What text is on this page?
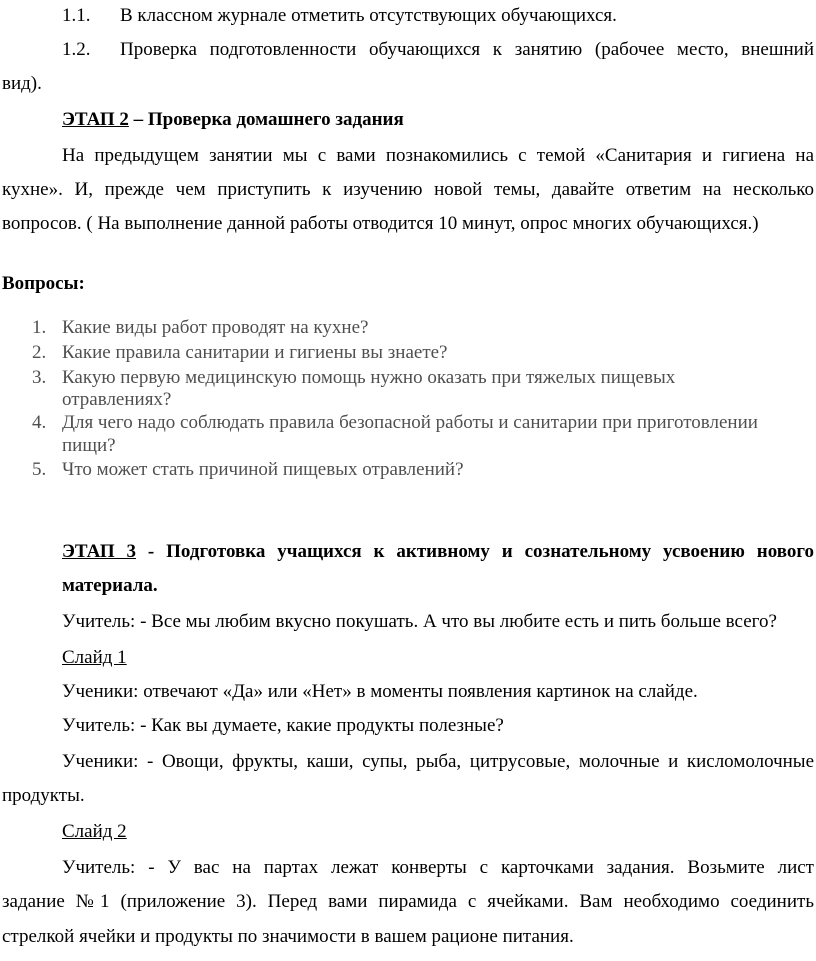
1.1. В классном журнале отметить отсутствующих обучающихся.
1.2. Проверка подготовленности обучающихся к занятию (рабочее место, внешний
вид).
ЭТАП 2 – Проверка домашнего задания
На предыдущем занятии мы с вами познакомились с темой «Санитария и гигиена на
кухне». И, прежде чем приступить к изучению новой темы, давайте ответим на несколько
вопросов. ( На выполнение данной работы отводится 10 минут, опрос многих обучающихся.)
Вопросы:
1. Какие виды работ проводят на кухне?
2. Какие правила санитарии и гигиены вы знаете?
3. Какую первую медицинскую помощь нужно оказать при тяжелых пищевых
отравлениях?
4. Для чего надо соблюдать правила безопасной работы и санитарии при приготовлении
пищи?
5. Что может стать причиной пищевых отравлений?
ЭТАП 3 - Подготовка учащихся к активному и сознательному усвоению нового
материала.
Учитель: - Все мы любим вкусно покушать. А что вы любите есть и пить больше всего?
Слайд 1
Ученики: отвечают «Да» или «Нет» в моменты появления картинок на слайде.
Учитель: - Как вы думаете, какие продукты полезные?
Ученики: - Овощи, фрукты, каши, супы, рыба, цитрусовые, молочные и кисломолочные
продукты.
Слайд 2
Учитель: - У вас на партах лежат конверты с карточками задания. Возьмите лист
задание №1 (приложение 3). Перед вами пирамида с ячейками. Вам необходимо соединить
стрелкой ячейки и продукты по значимости в вашем рационе питания.
